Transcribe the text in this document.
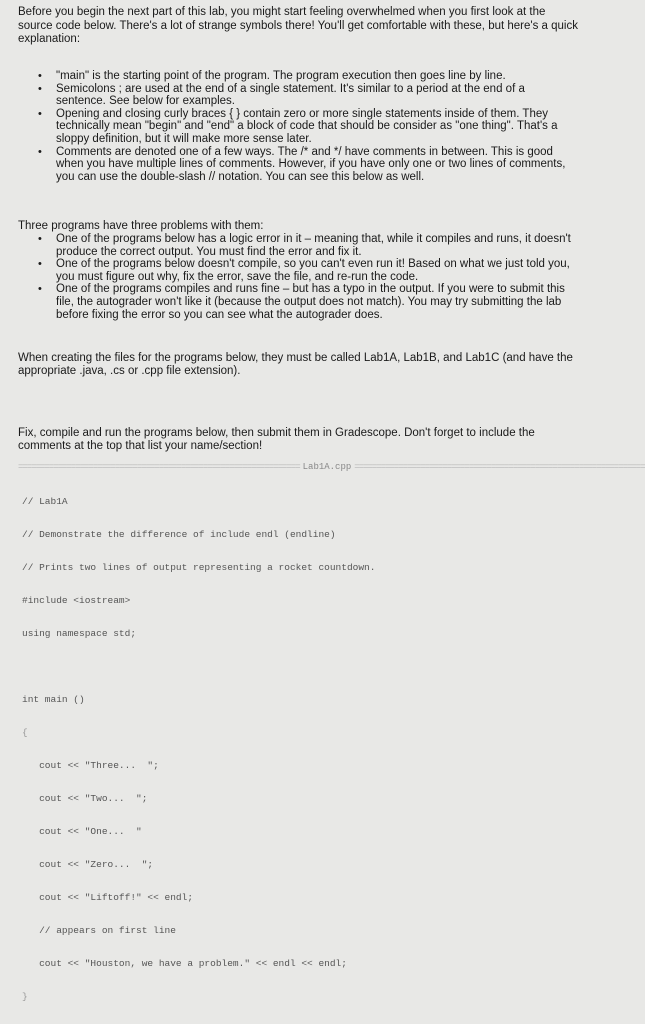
Before you begin the next part of this lab, you might start feeling overwhelmed when you first look at the source code below. There's a lot of strange symbols there! You'll get comfortable with these, but here's a quick explanation:
• "main" is the starting point of the program. The program execution then goes line by line.
• Semicolons ; are used at the end of a single statement. It's similar to a period at the end of a sentence. See below for examples.
• Opening and closing curly braces { } contain zero or more single statements inside of them. They technically mean "begin" and "end" a block of code that should be consider as "one thing". That's a sloppy definition, but it will make more sense later.
• Comments are denoted one of a few ways. The /* and */ have comments in between. This is good when you have multiple lines of comments. However, if you have only one or two lines of comments, you can use the double-slash // notation. You can see this below as well.
Three programs have three problems with them:
• One of the programs below has a logic error in it – meaning that, while it compiles and runs, it doesn't produce the correct output. You must find the error and fix it.
• One of the programs below doesn't compile, so you can't even run it! Based on what we just told you, you must figure out why, fix the error, save the file, and re-run the code.
• One of the programs compiles and runs fine – but has a typo in the output. If you were to submit this file, the autograder won't like it (because the output does not match). You may try submitting the lab before fixing the error so you can see what the autograder does.
When creating the files for the programs below, they must be called Lab1A, Lab1B, and Lab1C (and have the appropriate .java, .cs or .cpp file extension).
Fix, compile and run the programs below, then submit them in Gradescope. Don't forget to include the comments at the top that list your name/section!
================================================================ Lab1A.cpp ==================================================================

// Lab1A

// Demonstrate the difference of include endl (endline)

// Prints two lines of output representing a rocket countdown.

#include <iostream>

using namespace std;

int main ()

{

cout << "Three...  ";

cout << "Two...  ";

cout << "One...  "

cout << "Zero...  ";

cout << "Liftoff!" << endl;

// appears on first line

cout << "Houston, we have a problem." << endl << endl;

}
